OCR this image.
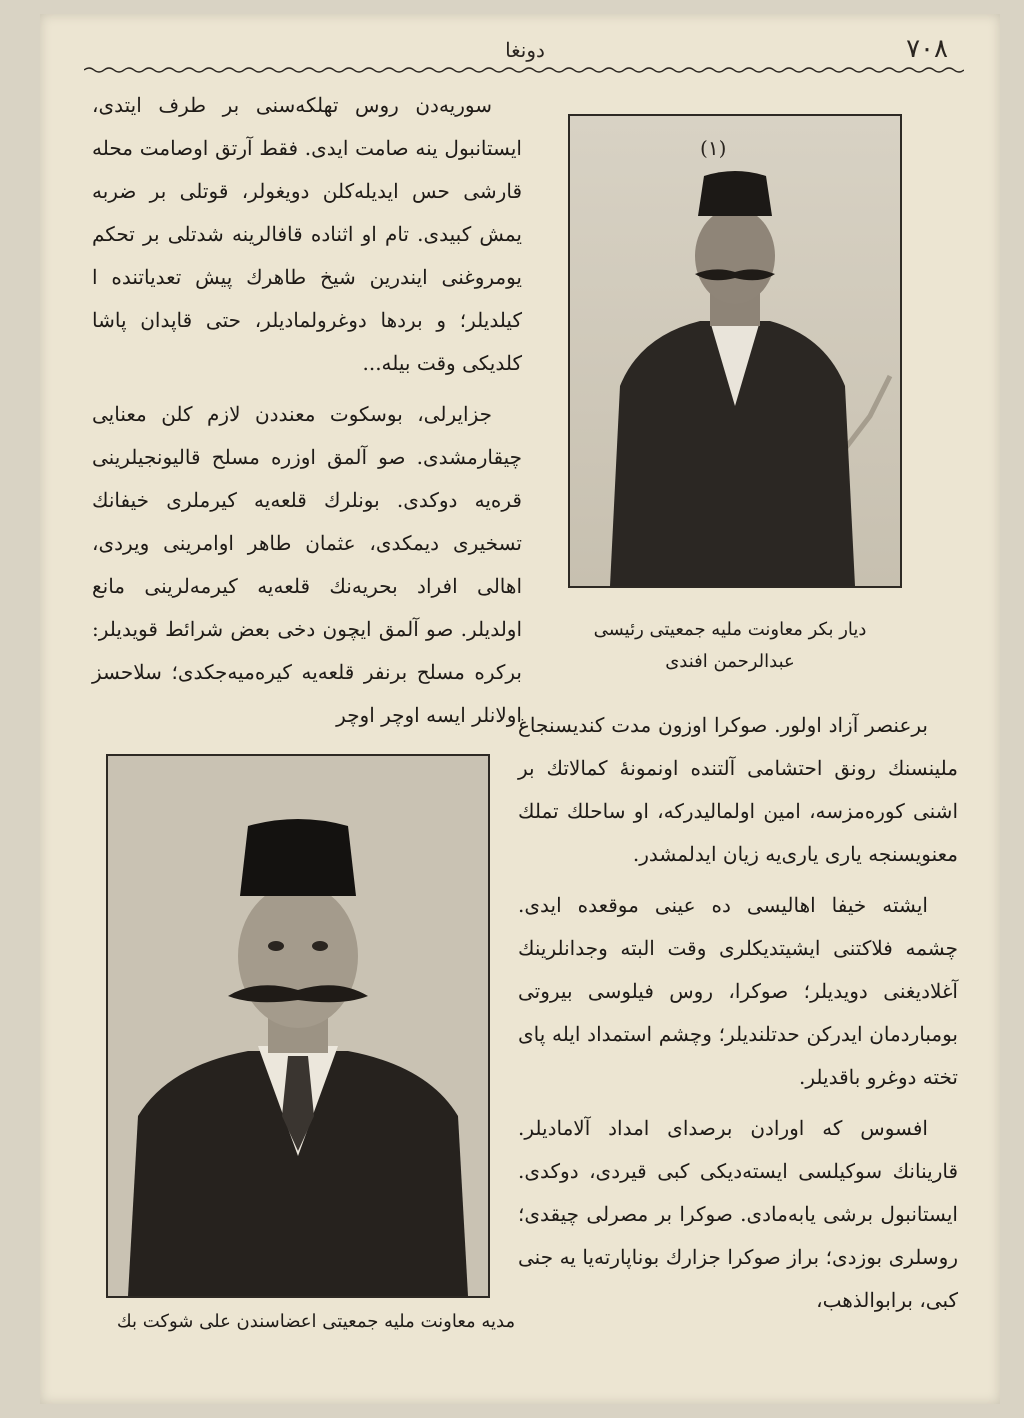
٧٠٨
دونغا

سوريه‌دن روس تهلكه‌سنى بر طرف ايتدى، ايستانبول ينه صامت ايدى. فقط آرتق اوصامت محله قارشى حس ايديله‌كلن دويغولر، قوتلى بر ضربه يمش كبيدى. تام او اثناده قافالرينه شدتلى بر تحكم يومروغنى ايندرين شيخ طاهرك پيش تعدياتنده ا كيلديلر؛ و بردها دوغرولماديلر، حتى قاپدان پاشا كلديكى وقت بيله...

جزايرلى، بوسكوت معنددن لازم كلن معنايى چيقارمشدى. صو آلمق اوزره مسلح قاليونجيلرينى قره‌يه دوكدى. بونلرك قلعه‌يه كيرملرى خيفانك تسخيرى ديمكدى، عثمان طاهر اوامرينى ويردى، اهالى افراد بحريه‌نك قلعه‌يه كيرمه‌لرينى مانع اولديلر. صو آلمق ايچون دخى بعض شرائط قويديلر: بركره مسلح برنفر قلعه‌يه كيره‌ميه‌جكدى؛ سلاحسز اولانلر ايسه اوچر اوچر

(١)
ديار بكر معاونت مليه جمعيتى رئيسى
عبدالرحمن افندى

برعنصر آزاد اولور. صوكرا اوزون مدت كنديسنجاغ ملينسنك رونق احتشامى آلتنده اونمونۀ كمالاتك بر اشنى كوره‌مزسه، امين اولماليدركه، او ساحلك تملك معنويسنجه يارى يارى‌يه زيان ايدلمشدر.

ايشته خيفا اهاليسى ده عينى موقعده ايدى. چشمه فلاكتنى ايشيتديكلرى وقت البته وجدانلرينك آغلاديغنى دويديلر؛ صوكرا، روس فيلوسى بيروتى بومباردمان ايدركن حدتلنديلر؛ وچشم استمداد ايله پاى تخته دوغرو باقديلر.

افسوس كه اورادن برصداى امداد آلاماديلر. قارينانك سوكيلسى ايسته‌ديكى كبى قيردى، دوكدى. ايستانبول برشى يابه‌مادى. صوكرا بر مصرلى چيقدى؛ روسلرى بوزدى؛ براز صوكرا جزارك بوناپارته‌يا يه جنى كبى، برابوالذهب،

مديه معاونت مليه جمعيتى اعضاسندن على شوكت بك
